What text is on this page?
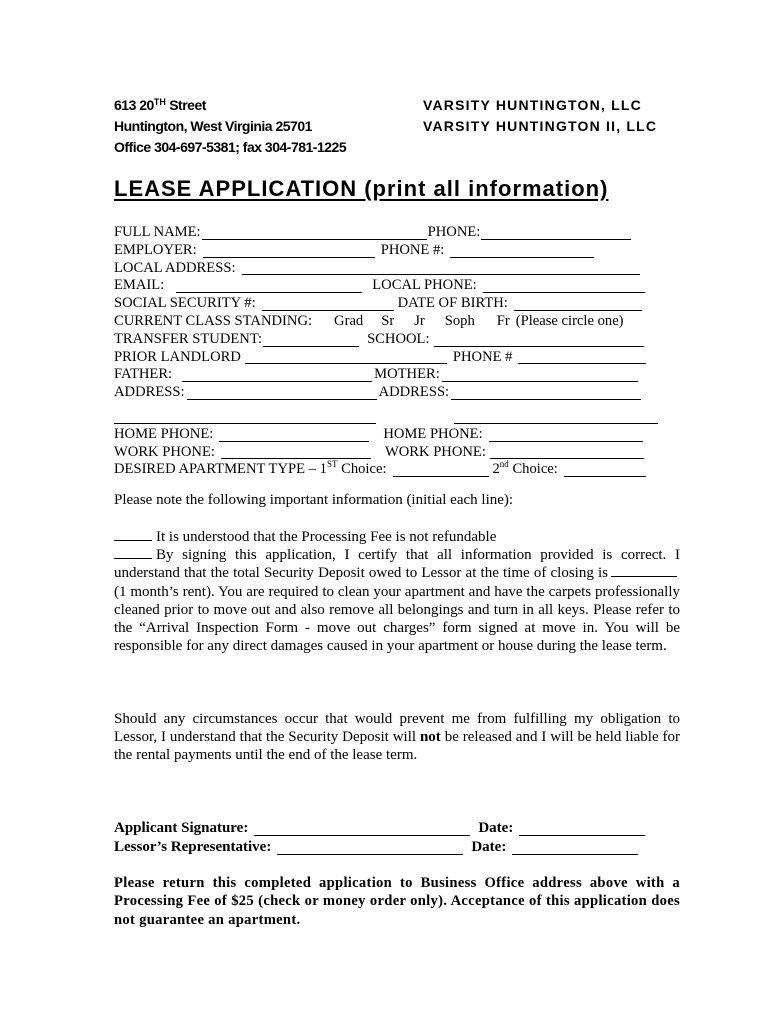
613 20TH Street
Huntington, West Virginia 25701
Office 304-697-5381; fax 304-781-1225
VARSITY HUNTINGTON, LLC
VARSITY HUNTINGTON II, LLC
LEASE APPLICATION (print all information)
FULL NAME:	PHONE:
EMPLOYER:	PHONE #:
LOCAL ADDRESS:
EMAIL:	LOCAL PHONE:
SOCIAL SECURITY #:	DATE OF BIRTH:
CURRENT CLASS STANDING: Grad Sr Jr Soph Fr (Please circle one)
TRANSFER STUDENT:	SCHOOL:
PRIOR LANDLORD	PHONE #
FATHER:	MOTHER:
ADDRESS:	ADDRESS:
HOME PHONE:	HOME PHONE:
WORK PHONE:	WORK PHONE:
DESIRED APARTMENT TYPE – 1ST Choice:	2nd Choice:
Please note the following important information (initial each line):
It is understood that the Processing Fee is not refundable
By signing this application, I certify that all information provided is correct. I understand that the total Security Deposit owed to Lessor at the time of closing is(1 month’s rent). You are required to clean your apartment and have the carpets professionally cleaned prior to move out and also remove all belongings and turn in all keys. Please refer to the “Arrival Inspection Form - move out charges” form signed at move in. You will be responsible for any direct damages caused in your apartment or house during the lease term.
Should any circumstances occur that would prevent me from fulfilling my obligation to Lessor, I understand that the Security Deposit will not be released and I will be held liable for the rental payments until the end of the lease term.
Applicant Signature:	Date:
Lessor’s Representative:	Date:
Please return this completed application to Business Office address above with a Processing Fee of $25 (check or money order only). Acceptance of this application does not guarantee an apartment.
